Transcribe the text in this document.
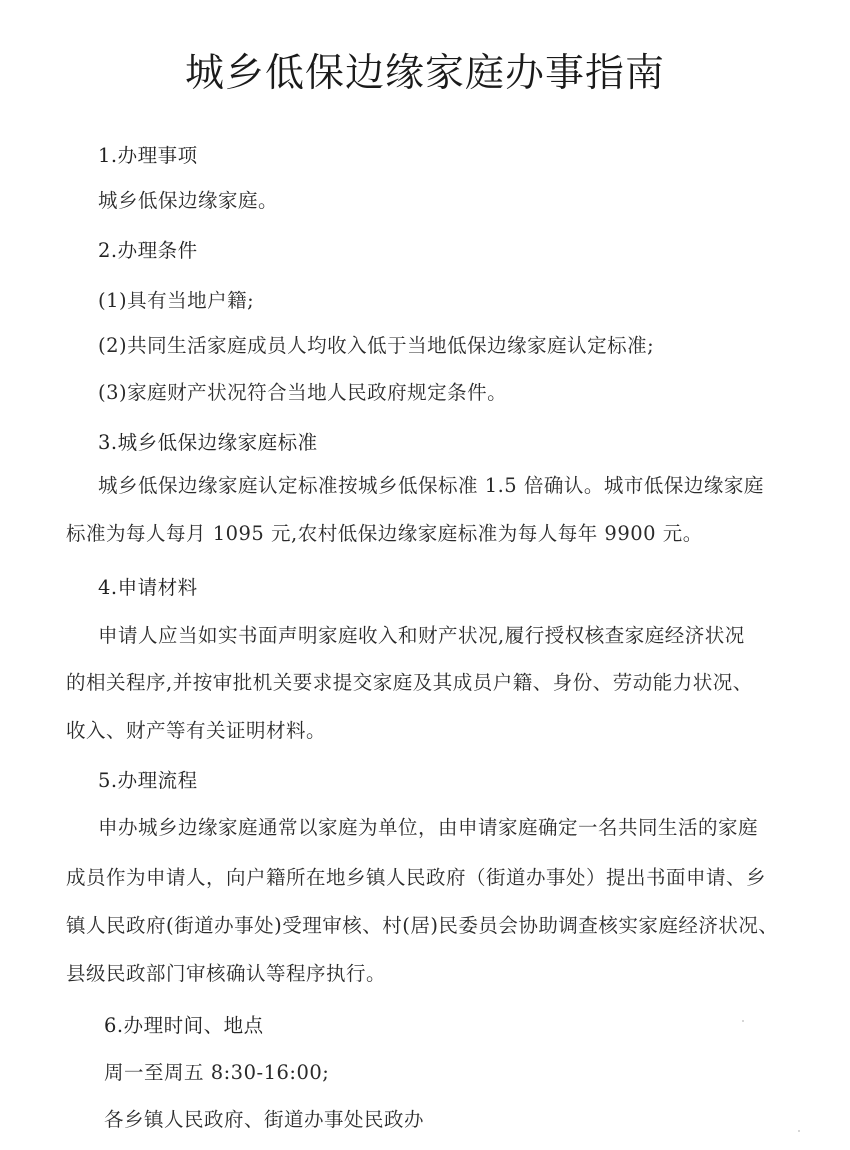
城乡低保边缘家庭办事指南
1.办理事项
城乡低保边缘家庭。
2.办理条件
(1)具有当地户籍;
(2)共同生活家庭成员人均收入低于当地低保边缘家庭认定标准;
(3)家庭财产状况符合当地人民政府规定条件。
3.城乡低保边缘家庭标准
城乡低保边缘家庭认定标准按城乡低保标准 1.5 倍确认。城市低保边缘家庭
标准为每人每月 1095 元,农村低保边缘家庭标准为每人每年 9900 元。
4.申请材料
申请人应当如实书面声明家庭收入和财产状况,履行授权核查家庭经济状况
的相关程序,并按审批机关要求提交家庭及其成员户籍、身份、劳动能力状况、
收入、财产等有关证明材料。
5.办理流程
申办城乡边缘家庭通常以家庭为单位，由申请家庭确定一名共同生活的家庭
成员作为申请人，向户籍所在地乡镇人民政府（街道办事处）提出书面申请、乡
镇人民政府(街道办事处)受理审核、村(居)民委员会协助调查核实家庭经济状况、
县级民政部门审核确认等程序执行。
6.办理时间、地点
周一至周五 8:30-16:00;
各乡镇人民政府、街道办事处民政办
